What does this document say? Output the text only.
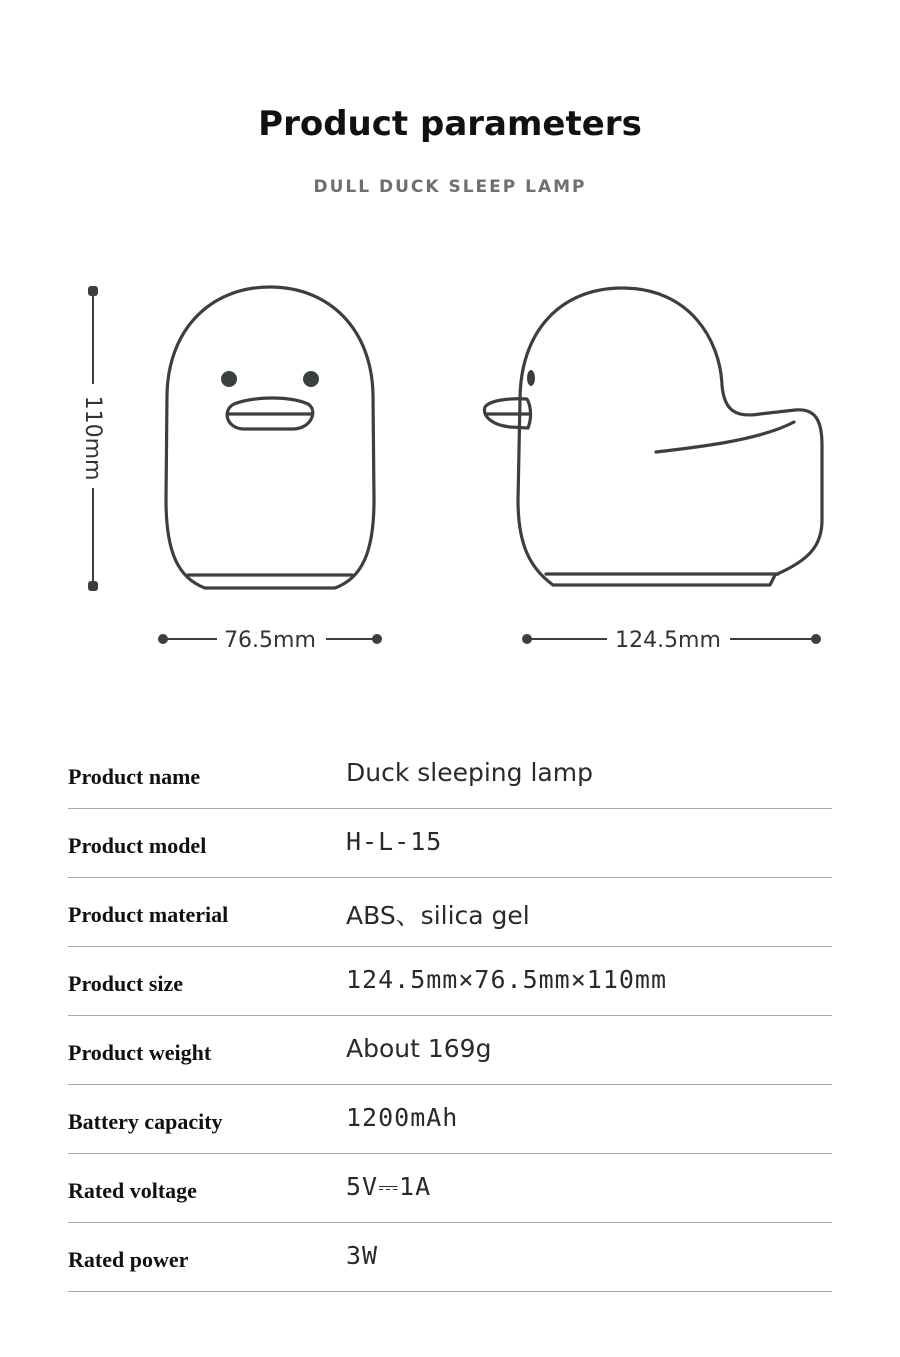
Product parameters
DULL DUCK SLEEP LAMP
110mm
76.5mm	124.5mm
Product name	Duck sleeping lamp
Product model	H-L-15
Product material	ABS、silica gel
Product size	124.5mm×76.5mm×110mm
Product weight	About 169g
Battery capacity	1200mAh
Rated voltage	5V⎓1A
Rated power	3W
